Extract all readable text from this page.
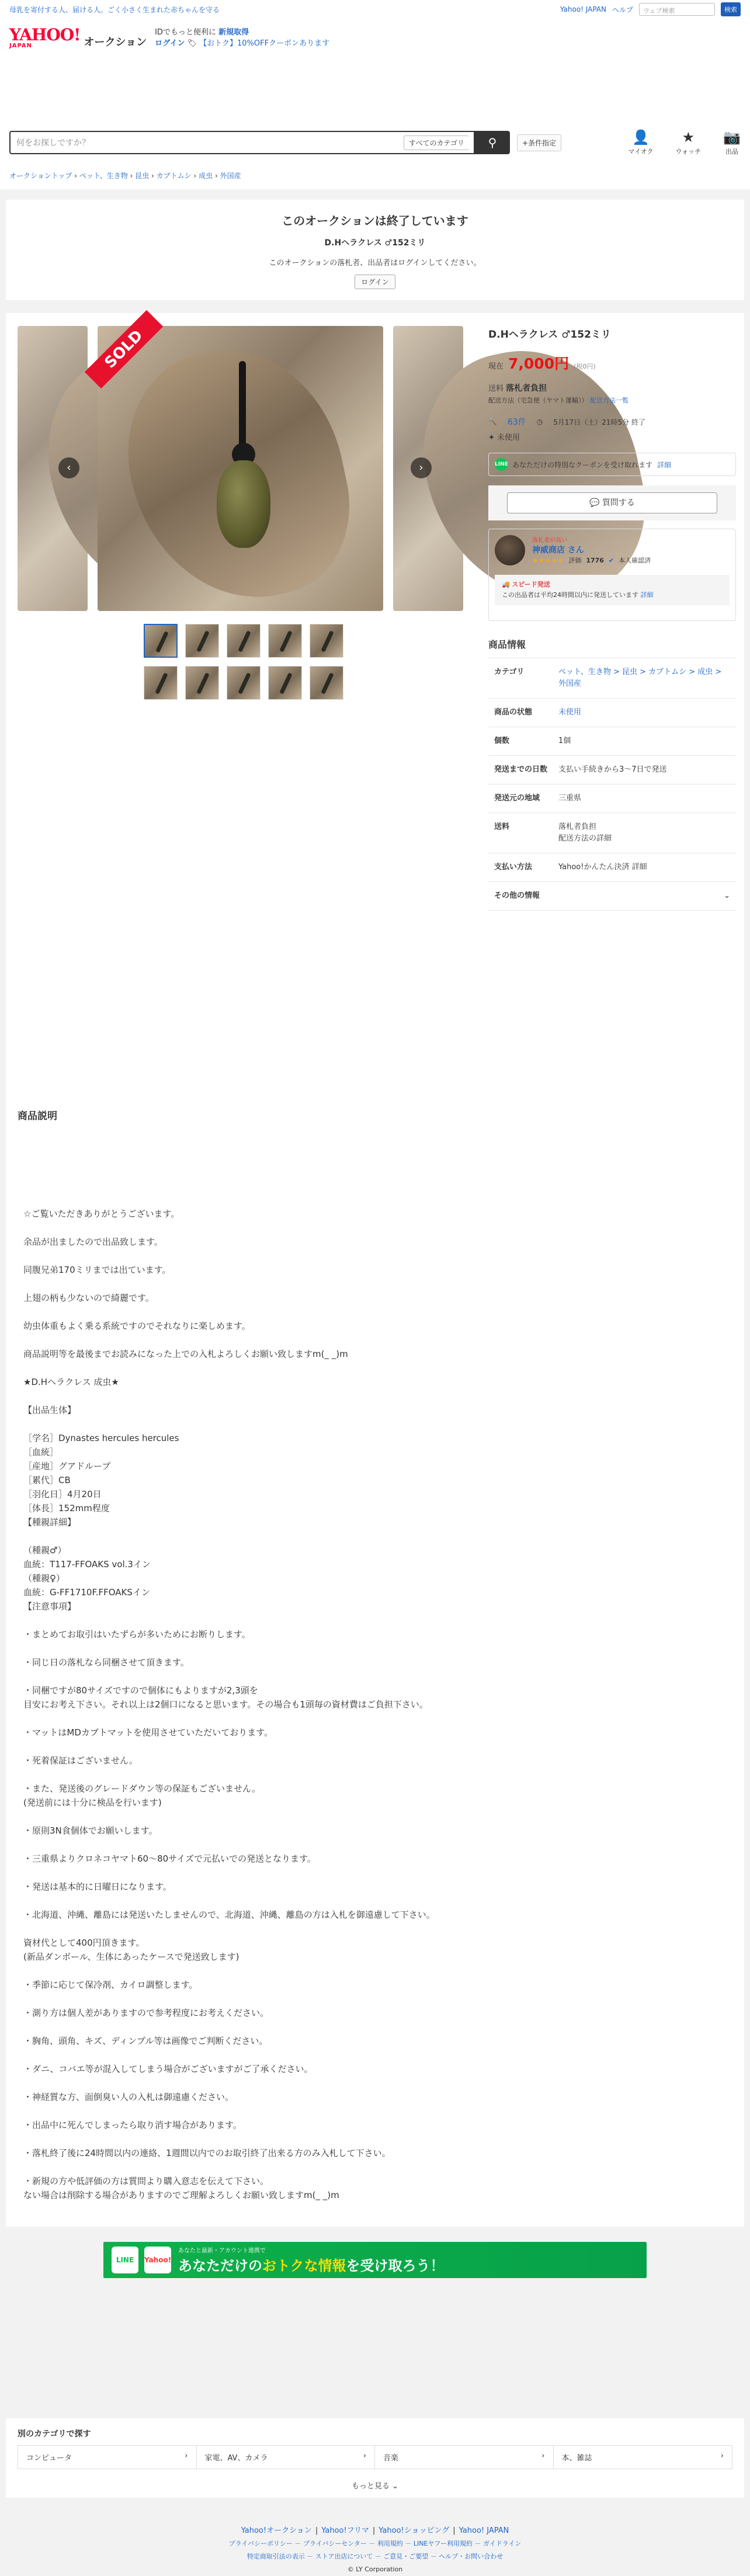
母乳を寄付する人、届ける人。ごく小さく生まれた赤ちゃんを守る	Yahoo! JAPAN ヘルプ	ウェブ検索	検索
YAHOO!
JAPAN	オークション
IDでもっと便利に 新規取得
ログイン 🏷 【おトク】10%OFFクーポンあります
何をお探しですか？	すべてのカテゴリ	⚲	+条件指定	👤
マイオク
★
ウォッチ
📷
出品
オークショントップ › ペット、生き物 › 昆虫 › カブトムシ › 成虫 › 外国産
このオークションは終了しています
D.Hヘラクレス ♂152ミリ
このオークションの落札者、出品者はログインしてください。
ログイン
SOLD
‹	›
D.Hヘラクレス ♂152ミリ
現在 7,000円 (税0円)
送料 落札者負担
配送方法（宅急便（ヤマト運輸）） 配送方法一覧
🔨 63件 ◷ 5月17日（土）21時5分 終了
✦ 未使用
LINE あなただけの特別なクーポンを受け取れます 詳細
💬 質問する
落札者が高い
神威商店 さん
★★★★★ 評価 1776 ✔ 本人確認済
🚚 スピード発送
この出品者は平均24時間以内に発送しています 詳細
商品情報
カテゴリ	ペット、生き物 > 昆虫 > カブトムシ > 成虫 > 外国産
商品の状態	未使用
個数	1個
発送までの日数	支払い手続きから3〜7日で発送
発送元の地域	三重県
送料	落札者負担
配送方法の詳細
支払い方法	Yahoo!かんたん決済 詳細
その他の情報	⌄
商品説明
☆ご覧いただきありがとうございます。

余品が出ましたので出品致します。

同腹兄弟170ミリまでは出ています。

上翅の柄も少ないので綺麗です。

幼虫体重もよく乗る系統ですのでそれなりに楽しめます。

商品説明等を最後までお読みになった上での入札よろしくお願い致しますm(_ _)m

★D.Hヘラクレス 成虫★

【出品生体】

［学名］Dynastes hercules hercules
［血統］
［産地］グアドループ
［累代］CB
［羽化日］4月20日
［体長］152mm程度
【種親詳細】

（種親♂）
血統：T117-FFOAKS vol.3イン
（種親♀）
血統：G-FF1710F.FFOAKSイン
【注意事項】

・まとめてお取引はいたずらが多いためにお断りします。

・同じ日の落札なら同梱させて頂きます。

・同梱ですが80サイズですので個体にもよりますが2,3頭を
目安にお考え下さい。それ以上は2個口になると思います。その場合も1頭毎の資材費はご負担下さい。

・マットはMDカブトマットを使用させていただいております。

・死着保証はございません。

・また、発送後のグレードダウン等の保証もございません。
(発送前には十分に検品を行います)

・原則3N食個体でお願いします。

・三重県よりクロネコヤマト60〜80サイズで元払いでの発送となります。

・発送は基本的に日曜日になります。

・北海道、沖縄、離島には発送いたしませんので、北海道、沖縄、離島の方は入札を御遠慮して下さい。

資材代として400円頂きます。
(新品ダンボール、生体にあったケースで発送致します)

・季節に応じて保冷剤、カイロ調整します。

・測り方は個人差がありますので参考程度にお考えください。

・胸角、頭角、キズ、ディンプル等は画像でご判断ください。

・ダニ、コバエ等が混入してしまう場合がございますがご了承ください。

・神経質な方、面倒臭い人の入札は御遠慮ください。

・出品中に死んでしまったら取り消す場合があります。

・落札終了後に24時間以内の連絡、1週間以内でのお取引終了出来る方のみ入札して下さい。

・新規の方や低評価の方は質問より購入意志を伝えて下さい。
ない場合は削除する場合がありますのでご理解よろしくお願い致しますm(_ _)m
LINE	Yahoo!
あなたと最新・アカウント連携で
あなただけのおトクな情報を受け取ろう！
別のカテゴリで探す
コンピュータ	› 家電、AV、カメラ	› 音楽	› 本、雑誌	›
もっと見る ⌄
Yahoo!オークション | Yahoo!フリマ | Yahoo!ショッピング | Yahoo! JAPAN
プライバシーポリシー － プライバシーセンター － 利用規約 － LINEヤフー利用規約 － ガイドライン
特定商取引法の表示 － ストア出店について － ご意見・ご要望 － ヘルプ・お問い合わせ
© LY Corporation
